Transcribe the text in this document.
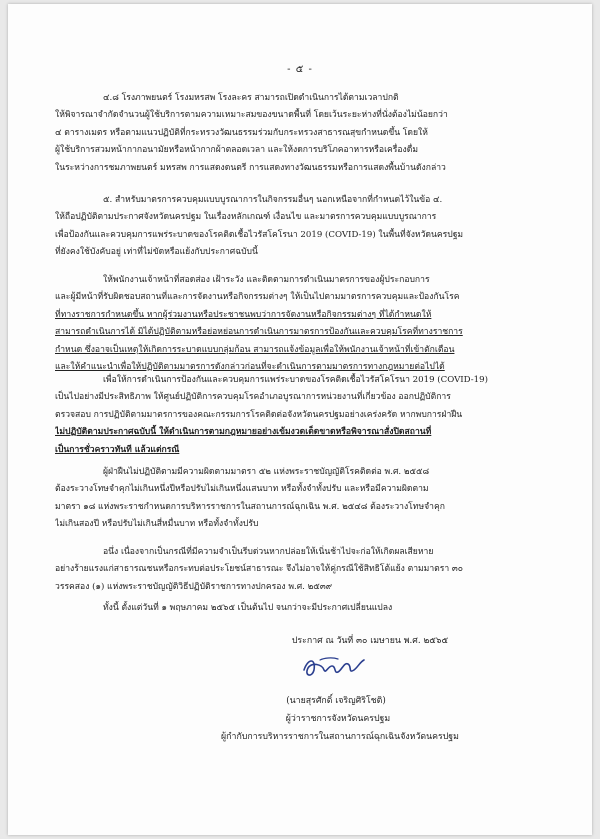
- ๕ -
๔.๘ โรงภาพยนตร์ โรงมหรสพ โรงละคร สามารถเปิดดำเนินการได้ตามเวลาปกติ
ให้พิจารณาจำกัดจำนวนผู้ใช้บริการตามความเหมาะสมของขนาดพื้นที่ โดยเว้นระยะห่างที่นั่งต้องไม่น้อยกว่า
๔ ตารางเมตร หรือตามแนวปฏิบัติที่กระทรวงวัฒนธรรมร่วมกับกระทรวงสาธารณสุขกำหนดขึ้น โดยให้
ผู้ใช้บริการสวมหน้ากากอนามัยหรือหน้ากากผ้าตลอดเวลา และให้งดการบริโภคอาหารหรือเครื่องดื่ม
ในระหว่างการชมภาพยนตร์ มหรสพ การแสดงดนตรี การแสดงทางวัฒนธรรมหรือการแสดงพื้นบ้านดังกล่าว
๕. สำหรับมาตรการควบคุมแบบบูรณาการในกิจกรรมอื่นๆ นอกเหนือจากที่กำหนดไว้ในข้อ ๔.
ให้ถือปฏิบัติตามประกาศจังหวัดนครปฐม ในเรื่องหลักเกณฑ์ เงื่อนไข และมาตรการควบคุมแบบบูรณาการ
เพื่อป้องกันและควบคุมการแพร่ระบาดของโรคติดเชื้อไวรัสโคโรนา 2019 (COVID-19) ในพื้นที่จังหวัดนครปฐม
ที่ยังคงใช้บังคับอยู่ เท่าที่ไม่ขัดหรือแย้งกับประกาศฉบับนี้
ให้พนักงานเจ้าหน้าที่สอดส่อง เฝ้าระวัง และติดตามการดำเนินมาตรการของผู้ประกอบการ
และผู้มีหน้าที่รับผิดชอบสถานที่และการจัดงานหรือกิจกรรมต่างๆ ให้เป็นไปตามมาตรการควบคุมและป้องกันโรค
ที่ทางราชการกำหนดขึ้น หากผู้ร่วมงานหรือประชาชนพบว่าการจัดงานหรือกิจกรรมต่างๆ ที่ได้กำหนดให้
สามารถดำเนินการได้ มิได้ปฏิบัติตามหรือย่อหย่อนการดำเนินการมาตรการป้องกันและควบคุมโรคที่ทางราชการ
กำหนด ซึ่งอาจเป็นเหตุให้เกิดการระบาดแบบกลุ่มก้อน สามารถแจ้งข้อมูลเพื่อให้พนักงานเจ้าหน้าที่เข้าตักเตือน
และให้คำแนะนำเพื่อให้ปฏิบัติตามมาตรการดังกล่าวก่อนที่จะดำเนินการตามมาตรการทางกฎหมายต่อไปได้
เพื่อให้การดำเนินการป้องกันและควบคุมการแพร่ระบาดของโรคติดเชื้อไวรัสโคโรนา 2019 (COVID-19)
เป็นไปอย่างมีประสิทธิภาพ ให้ศูนย์ปฏิบัติการควบคุมโรคอำเภอบูรณาการหน่วยงานที่เกี่ยวข้อง ออกปฏิบัติการ
ตรวจสอบ การปฏิบัติตามมาตรการของคณะกรรมการโรคติดต่อจังหวัดนครปฐมอย่างเคร่งครัด หากพบการฝ่าฝืน
ไม่ปฏิบัติตามประกาศฉบับนี้ ให้ดำเนินการตามกฎหมายอย่างเข้มงวดเด็ดขาดหรือพิจารณาสั่งปิดสถานที่
เป็นการชั่วคราวทันที แล้วแต่กรณี
ผู้ฝ่าฝืนไม่ปฏิบัติตามมีความผิดตามมาตรา ๕๒ แห่งพระราชบัญญัติโรคติดต่อ พ.ศ. ๒๕๕๘
ต้องระวางโทษจำคุกไม่เกินหนึ่งปีหรือปรับไม่เกินหนึ่งแสนบาท หรือทั้งจำทั้งปรับ และหรือมีความผิดตาม
มาตรา ๑๘ แห่งพระราชกำหนดการบริหารราชการในสถานการณ์ฉุกเฉิน พ.ศ. ๒๕๔๘ ต้องระวางโทษจำคุก
ไม่เกินสองปี หรือปรับไม่เกินสี่หมื่นบาท หรือทั้งจำทั้งปรับ
อนึ่ง เนื่องจากเป็นกรณีที่มีความจำเป็นรีบด่วนหากปล่อยให้เนิ่นช้าไปจะก่อให้เกิดผลเสียหาย
อย่างร้ายแรงแก่สาธารณชนหรือกระทบต่อประโยชน์สาธารณะ จึงไม่อาจให้คู่กรณีใช้สิทธิโต้แย้ง ตามมาตรา ๓๐
วรรคสอง (๑) แห่งพระราชบัญญัติวิธีปฏิบัติราชการทางปกครอง พ.ศ. ๒๕๓๙
ทั้งนี้ ตั้งแต่วันที่ ๑ พฤษภาคม ๒๕๖๕ เป็นต้นไป จนกว่าจะมีประกาศเปลี่ยนแปลง
ประกาศ ณ วันที่ ๓๐ เมษายน พ.ศ. ๒๕๖๕
(นายสุรศักดิ์ เจริญศิริโชติ)
ผู้ว่าราชการจังหวัดนครปฐม
ผู้กำกับการบริหารราชการในสถานการณ์ฉุกเฉินจังหวัดนครปฐม
